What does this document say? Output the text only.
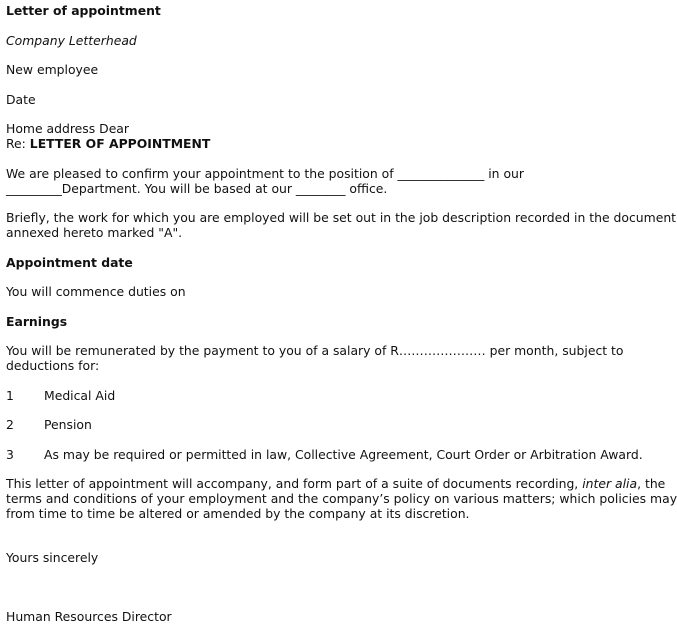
Letter of appointment

Company Letterhead

New employee

Date

Home address Dear

Re: LETTER OF APPOINTMENT

We are pleased to confirm your appointment to the position of ______________ in our

_________Department. You will be based at our ________ office.

Briefly, the work for which you are employed will be set out in the job description recorded in the document

annexed hereto marked "A".

Appointment date

You will commence duties on

Earnings

You will be remunerated by the payment to you of a salary of R………………… per month, subject to

deductions for:

1	Medical Aid
2	Pension
3	As may be required or permitted in law, Collective Agreement, Court Order or Arbitration Award.

This letter of appointment will accompany, and form part of a suite of documents recording, inter alia, the

terms and conditions of your employment and the company’s policy on various matters; which policies may

from time to time be altered or amended by the company at its discretion.

Yours sincerely

Human Resources Director
